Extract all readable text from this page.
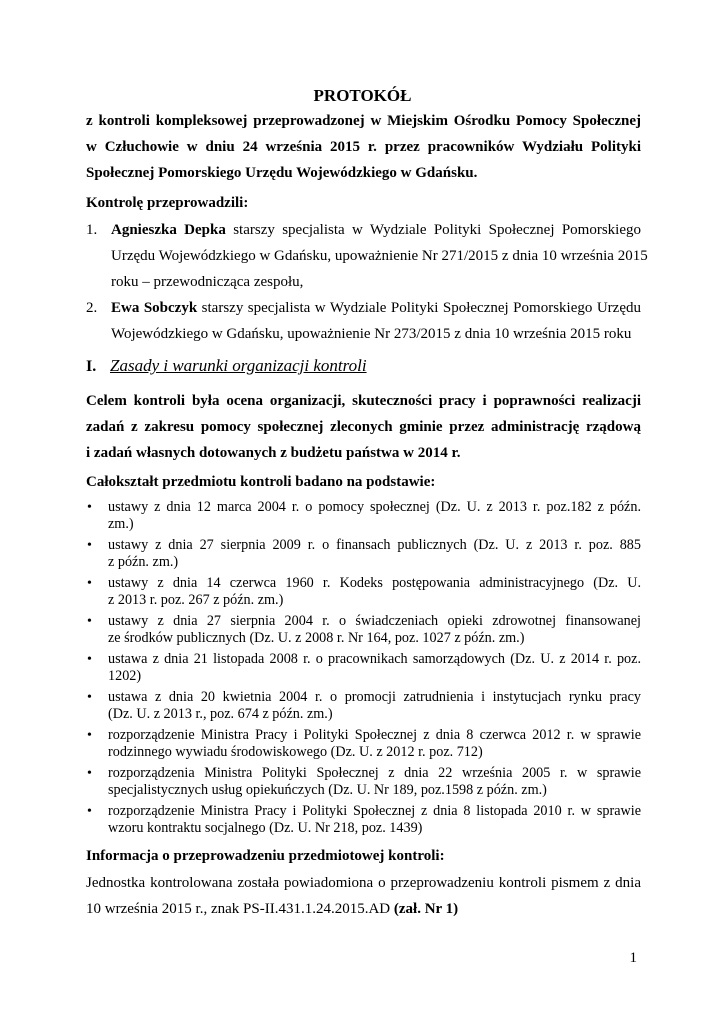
PROTOKÓŁ
z kontroli kompleksowej przeprowadzonej w Miejskim Ośrodku Pomocy Społecznej
w Człuchowie w dniu 24 września 2015 r. przez pracowników Wydziału Polityki
Społecznej Pomorskiego Urzędu Wojewódzkiego w Gdańsku.
Kontrolę przeprowadzili:
1. Agnieszka Depka starszy specjalista w Wydziale Polityki Społecznej Pomorskiego
Urzędu Wojewódzkiego w Gdańsku, upoważnienie Nr 271/2015 z dnia 10 września 2015
roku – przewodnicząca zespołu,
2. Ewa Sobczyk starszy specjalista w Wydziale Polityki Społecznej Pomorskiego Urzędu
Wojewódzkiego w Gdańsku, upoważnienie Nr 273/2015 z dnia 10 września 2015 roku
I. Zasady i warunki organizacji kontroli
Celem kontroli była ocena organizacji, skuteczności pracy i poprawności realizacji
zadań z zakresu pomocy społecznej zleconych gminie przez administrację rządową
i zadań własnych dotowanych z budżetu państwa w 2014 r.
Całokształt przedmiotu kontroli badano na podstawie:
• ustawy z dnia 12 marca 2004 r. o pomocy społecznej (Dz. U. z 2013 r. poz.182 z późn.
zm.)
• ustawy z dnia 27 sierpnia 2009 r. o finansach publicznych (Dz. U. z 2013 r. poz. 885
z późn. zm.)
• ustawy z dnia 14 czerwca 1960 r. Kodeks postępowania administracyjnego (Dz. U.
z 2013 r. poz. 267 z późn. zm.)
• ustawy z dnia 27 sierpnia 2004 r. o świadczeniach opieki zdrowotnej finansowanej
ze środków publicznych (Dz. U. z 2008 r. Nr 164, poz. 1027 z późn. zm.)
• ustawa z dnia 21 listopada 2008 r. o pracownikach samorządowych (Dz. U. z 2014 r. poz.
1202)
• ustawa z dnia 20 kwietnia 2004 r. o promocji zatrudnienia i instytucjach rynku pracy
(Dz. U. z 2013 r., poz. 674 z późn. zm.)
• rozporządzenie Ministra Pracy i Polityki Społecznej z dnia 8 czerwca 2012 r. w sprawie
rodzinnego wywiadu środowiskowego (Dz. U. z 2012 r. poz. 712)
• rozporządzenia Ministra Polityki Społecznej z dnia 22 września 2005 r. w sprawie
specjalistycznych usług opiekuńczych (Dz. U. Nr 189, poz.1598 z późn. zm.)
• rozporządzenie Ministra Pracy i Polityki Społecznej z dnia 8 listopada 2010 r. w sprawie
wzoru kontraktu socjalnego (Dz. U. Nr 218, poz. 1439)
Informacja o przeprowadzeniu przedmiotowej kontroli:
Jednostka kontrolowana została powiadomiona o przeprowadzeniu kontroli pismem z dnia
10 września 2015 r., znak PS-II.431.1.24.2015.AD (zał. Nr 1)
1
